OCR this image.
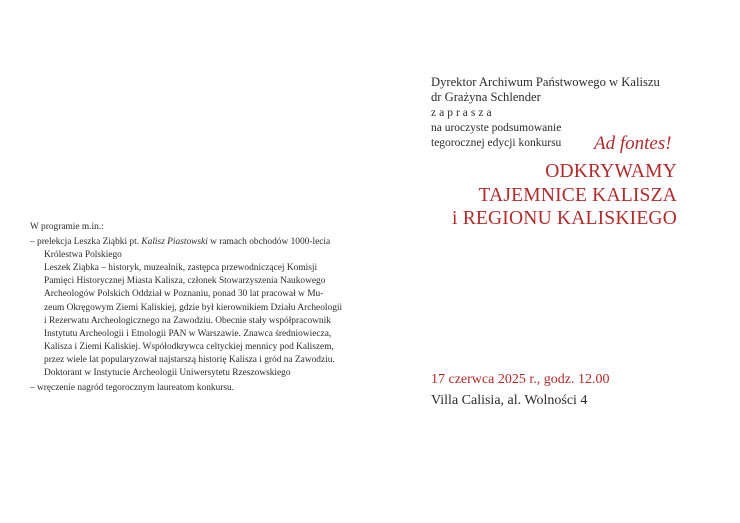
W programie m.in.:

– prelekcja Leszka Ziąbki pt. Kalisz Piastowski w ramach obchodów 1000-lecia

Królestwa Polskiego

Leszek Ziąbka – historyk, muzealnik, zastępca przewodniczącej Komisji

Pamięci Historycznej Miasta Kalisza, członek Stowarzyszenia Naukowego

Archeologów Polskich Oddział w Poznaniu, ponad 30 lat pracował w Mu-

zeum Okręgowym Ziemi Kaliskiej, gdzie był kierownikiem Działu Archeologii

i Rezerwatu Archeologicznego na Zawodziu. Obecnie stały współpracownik

Instytutu Archeologii i Etnologii PAN w Warszawie. Znawca średniowiecza,

Kalisza i Ziemi Kaliskiej. Współodkrywca celtyckiej mennicy pod Kaliszem,

przez wiele lat popularyzował najstarszą historię Kalisza i gród na Zawodziu.

Doktorant w Instytucie Archeologii Uniwersytetu Rzeszowskiego

– wręczenie nagród tegorocznym laureatom konkursu.

Dyrektor Archiwum Państwowego w Kaliszu
dr Grażyna Schlender
zaprasza
na uroczyste podsumowanie
tegorocznej edycji konkursu	Ad fontes!
ODKRYWAMY
TAJEMNICE KALISZA
i REGIONU KALISKIEGO
17 czerwca 2025 r., godz. 12.00
Villa Calisia, al. Wolności 4
